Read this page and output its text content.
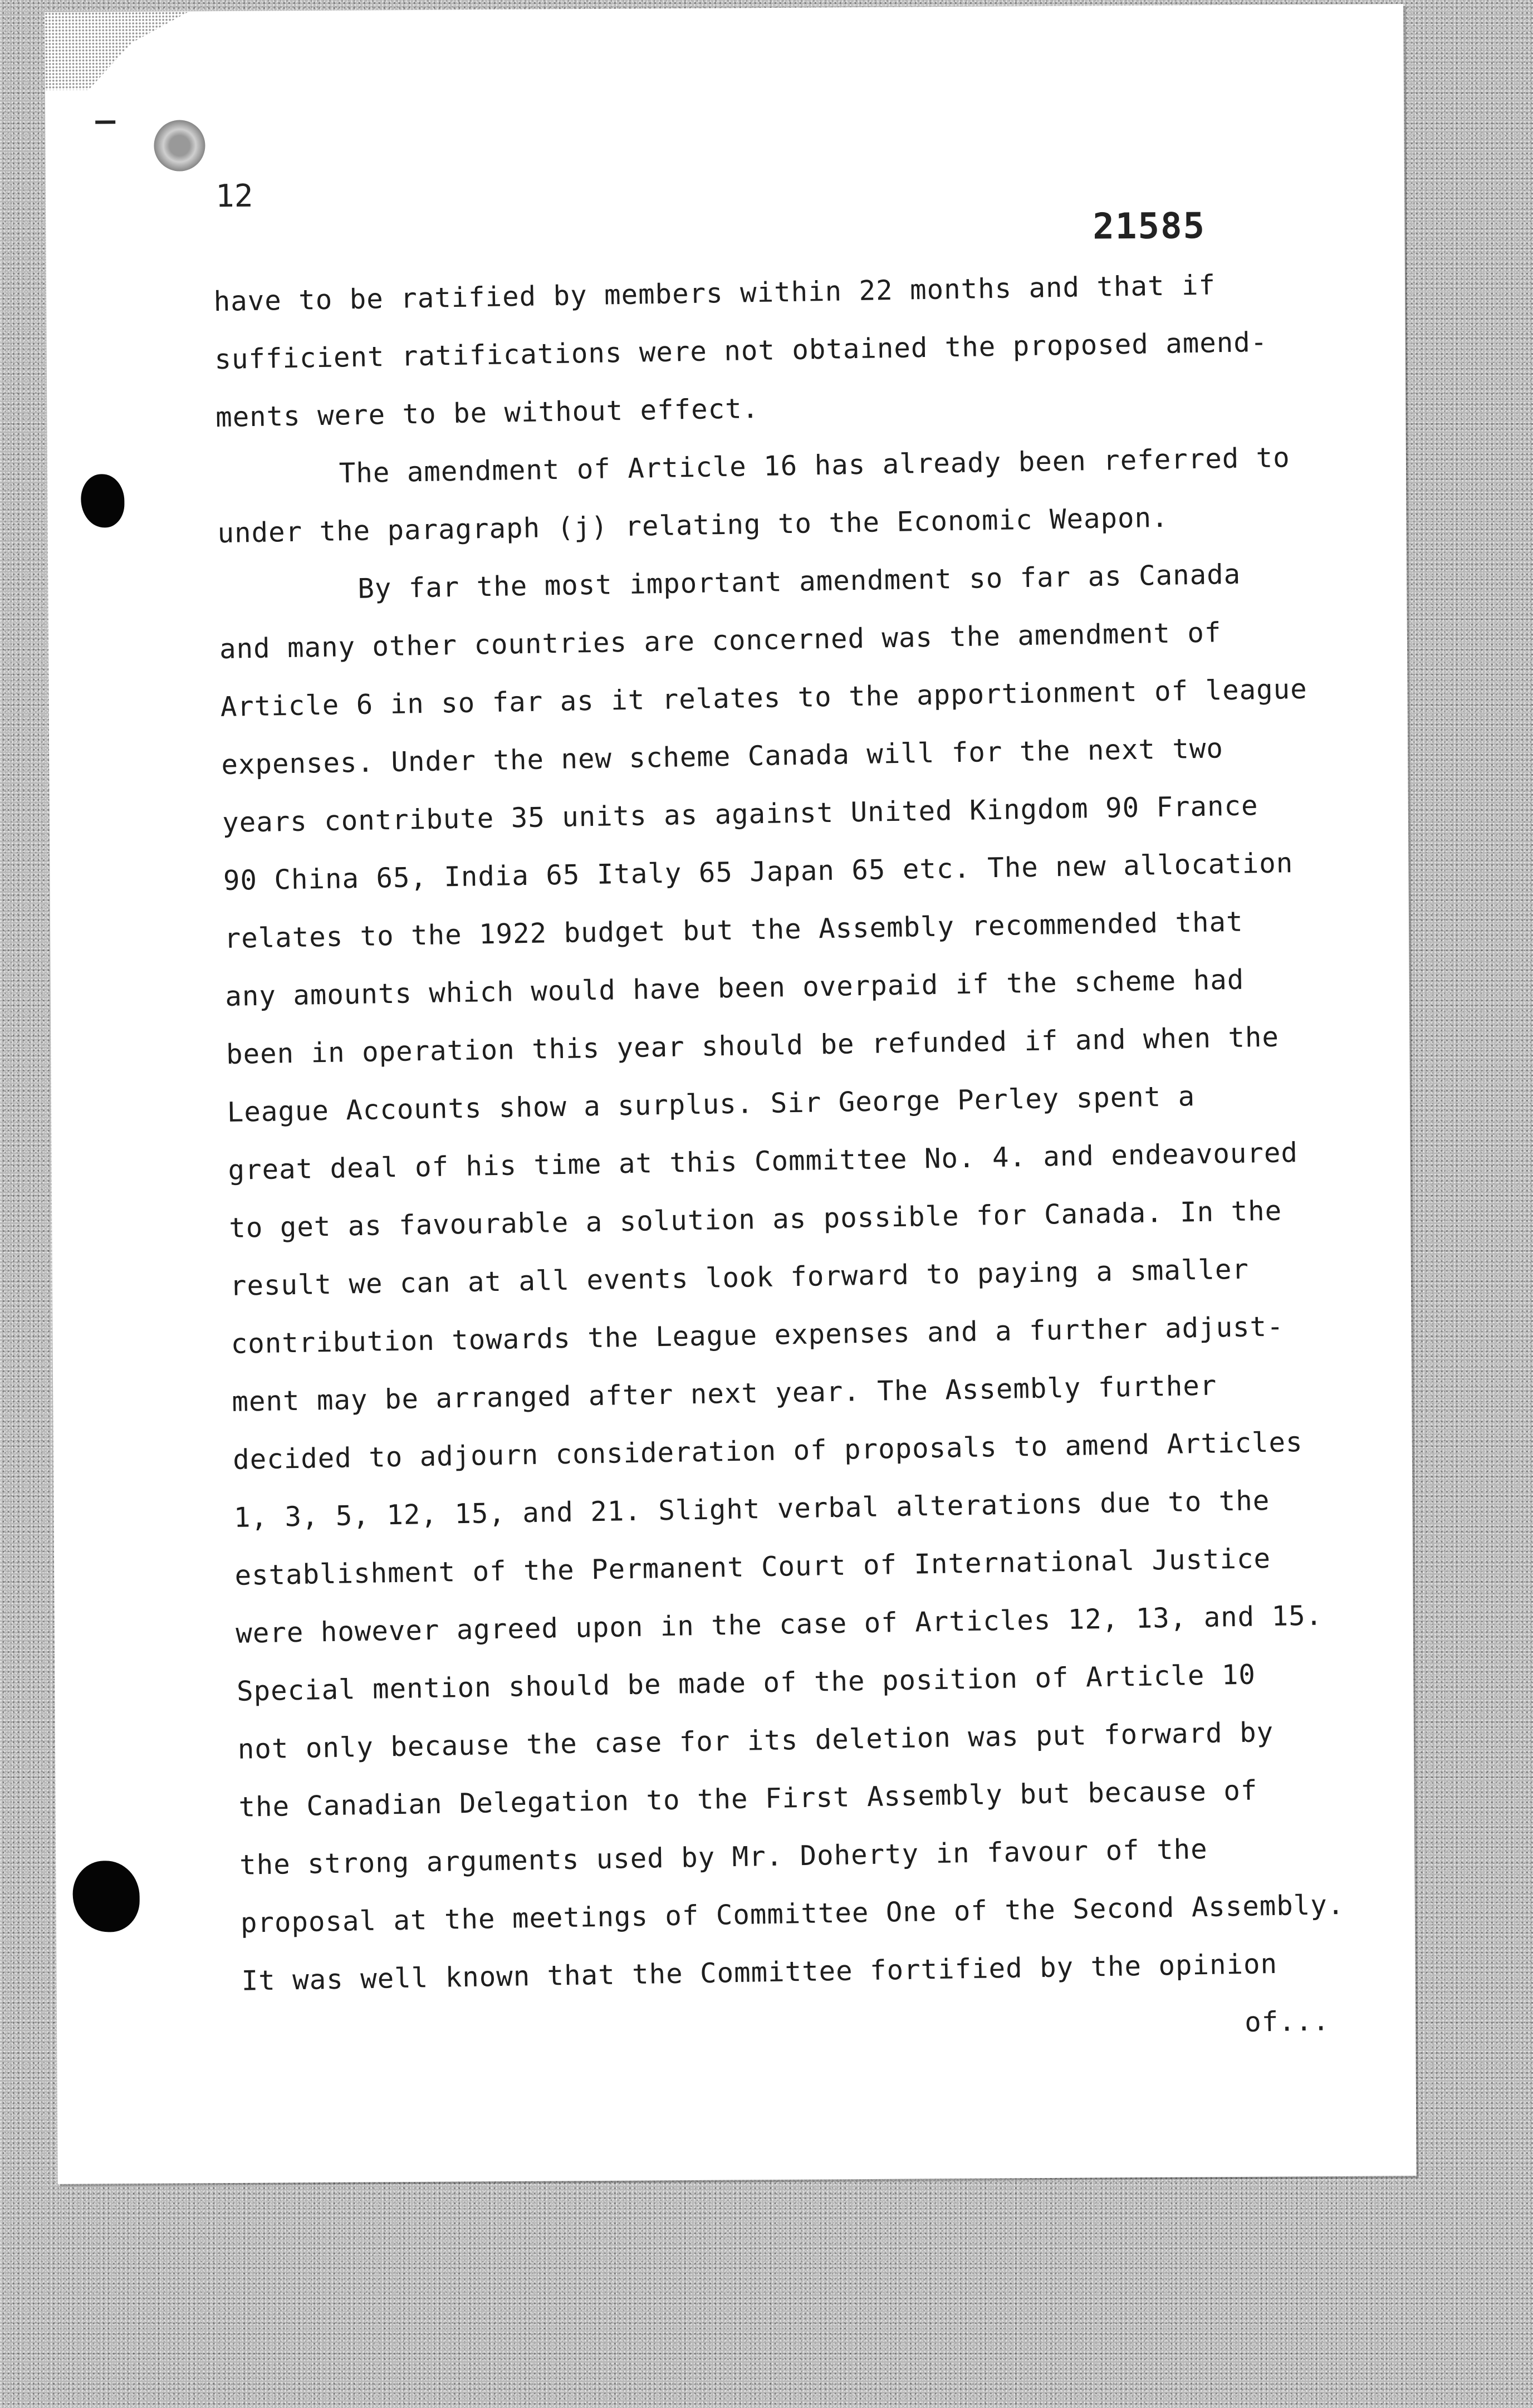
12
21585
have to be ratified by members within 22 months and that if
sufficient ratifications were not obtained the proposed amend-
ments were to be without effect.
The amendment of Article 16 has already been referred to
under the paragraph (j) relating to the Economic Weapon.
By far the most important amendment so far as Canada
and many other countries are concerned was the amendment of
Article 6 in so far as it relates to the apportionment of league
expenses. Under the new scheme Canada will for the next two
years contribute 35 units as against United Kingdom 90 France
90 China 65, India 65 Italy 65 Japan 65 etc. The new allocation
relates to the 1922 budget but the Assembly recommended that
any amounts which would have been overpaid if the scheme had
been in operation this year should be refunded if and when the
League Accounts show a surplus. Sir George Perley spent a
great deal of his time at this Committee No. 4. and endeavoured
to get as favourable a solution as possible for Canada. In the
result we can at all events look forward to paying a smaller
contribution towards the League expenses and a further adjust-
ment may be arranged after next year. The Assembly further
decided to adjourn consideration of proposals to amend Articles
1, 3, 5, 12, 15, and 21. Slight verbal alterations due to the
establishment of the Permanent Court of International Justice
were however agreed upon in the case of Articles 12, 13, and 15.
Special mention should be made of the position of Article 10
not only because the case for its deletion was put forward by
the Canadian Delegation to the First Assembly but because of
the strong arguments used by Mr. Doherty in favour of the
proposal at the meetings of Committee One of the Second Assembly.
It was well known that the Committee fortified by the opinion
of...
